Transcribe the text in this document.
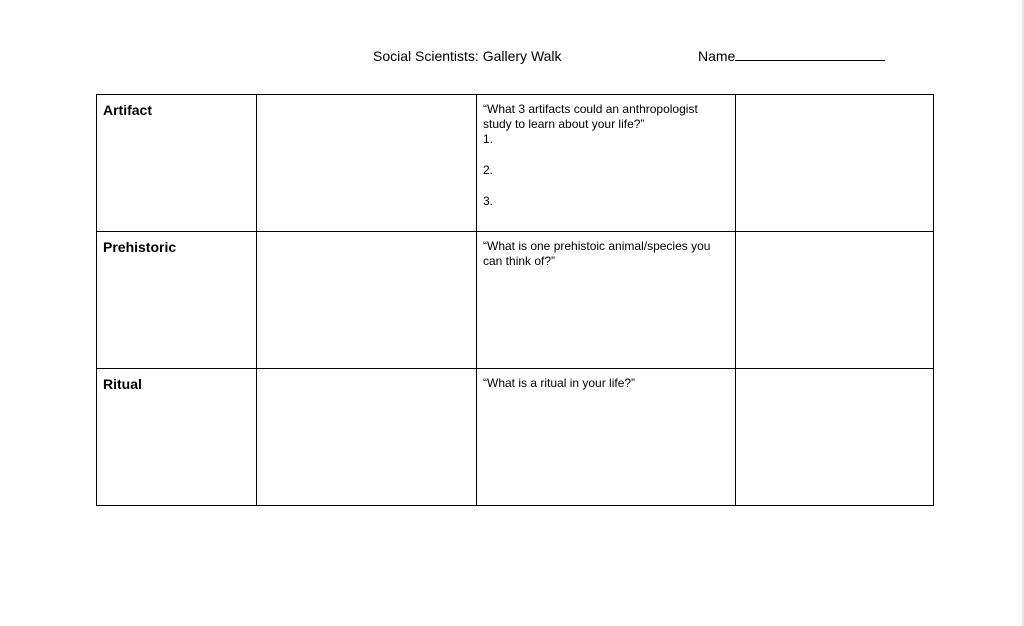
Social Scientists: Gallery Walk	Name
Artifact		“What 3 artifacts could an anthropologist study to learn about your life?”
1.
2.
3.	

Prehistoric		“What is one prehistoic animal/species you can think of?”	

Ritual		“What is a ritual in your life?”	
